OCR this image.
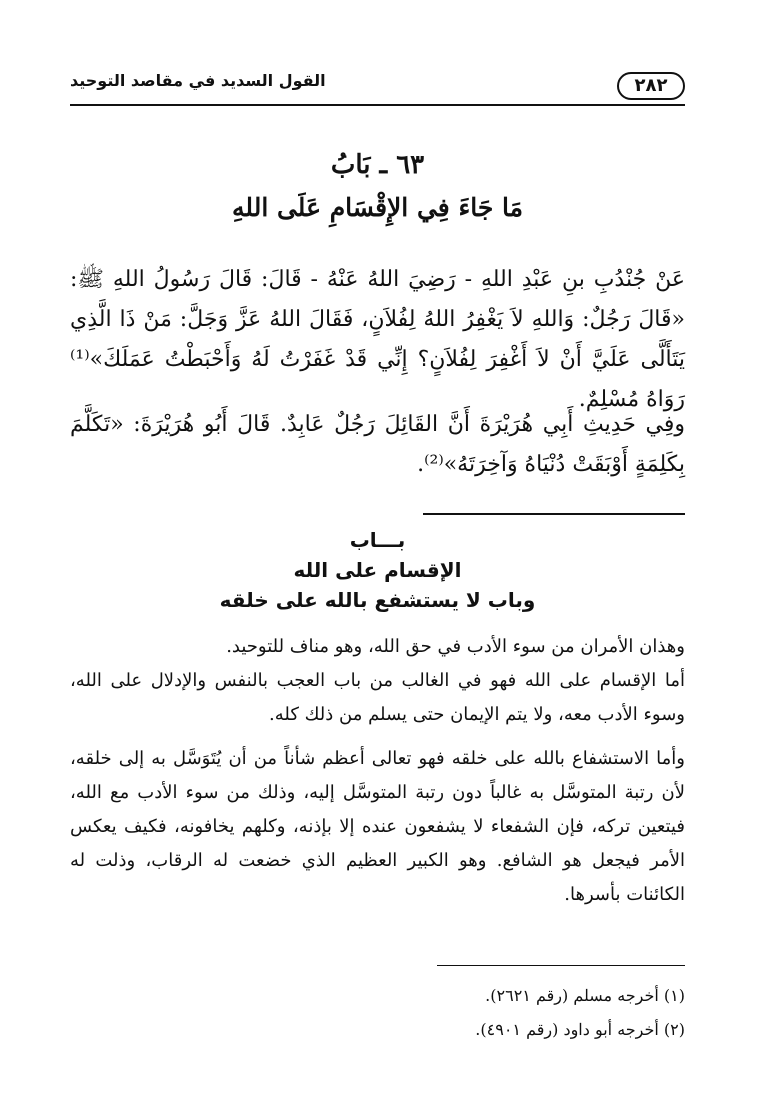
٢٨٢
القول السديد في مقاصد التوحيد
٦٣ ـ بَابُ
مَا جَاءَ فِي الإِقْسَامِ عَلَى اللهِ

عَنْ جُنْدُبِ بنِ عَبْدِ اللهِ - رَضِيَ اللهُ عَنْهُ - قَالَ: قَالَ رَسُولُ اللهِ ﷺ: «قَالَ رَجُلٌ: وَاللهِ لاَ يَغْفِرُ اللهُ لِفُلاَنٍ، فَقَالَ اللهُ عَزَّ وَجَلَّ: مَنْ ذَا الَّذِي يَتَأَلَّى عَلَيَّ أَنْ لاَ أَغْفِرَ لِفُلاَنٍ؟ إِنِّي قَدْ غَفَرْتُ لَهُ وَأَحْبَطْتُ عَمَلَكَ»⁽¹⁾ رَوَاهُ مُسْلِمٌ.

وفِي حَدِيثِ أَبِي هُرَيْرَةَ أَنَّ القَائِلَ رَجُلٌ عَابِدٌ. قَالَ أَبُو هُرَيْرَةَ: «تَكَلَّمَ بِكَلِمَةٍ أَوْبَقَتْ دُنْيَاهُ وَآخِرَتَهُ»⁽²⁾.

بـــاب
الإقسام على الله
وباب لا يستشفع بالله على خلقه

وهذان الأمران من سوء الأدب في حق الله، وهو مناف للتوحيد.

أما الإقسام على الله فهو في الغالب من باب العجب بالنفس والإدلال على الله، وسوء الأدب معه، ولا يتم الإيمان حتى يسلم من ذلك كله.

وأما الاستشفاع بالله على خلقه فهو تعالى أعظم شأناً من أن يُتَوَسَّل به إلى خلقه، لأن رتبة المتوسَّل به غالباً دون رتبة المتوسَّل إليه، وذلك من سوء الأدب مع الله، فيتعين تركه، فإن الشفعاء لا يشفعون عنده إلا بإذنه، وكلهم يخافونه، فكيف يعكس الأمر فيجعل هو الشافع. وهو الكبير العظيم الذي خضعت له الرقاب، وذلت له الكائنات بأسرها.

(١) أخرجه مسلم (رقم ٢٦٢١).
(٢) أخرجه أبو داود (رقم ٤٩٠١).
